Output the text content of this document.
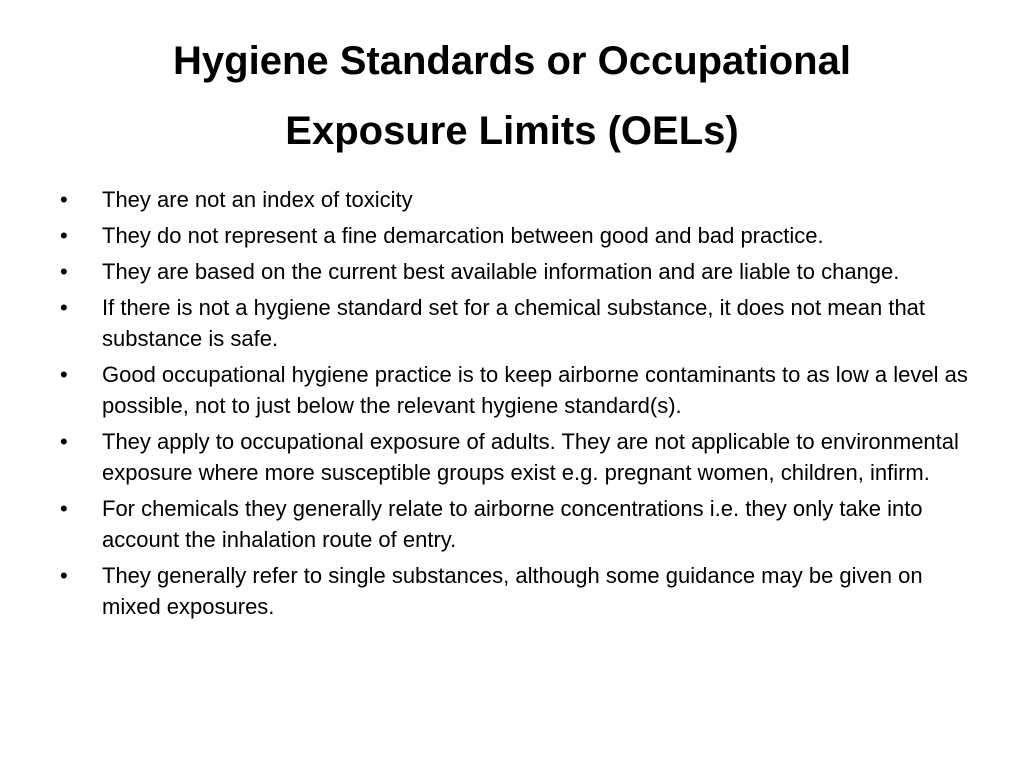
Hygiene Standards or Occupational
Exposure Limits (OELs)
•	They are not an index of toxicity
•	They do not represent a fine demarcation between good and bad practice.
•	They are based on the current best available information and are liable to change.
•	If there is not a hygiene standard set for a chemical substance, it does not mean that substance is safe.
•	Good occupational hygiene practice is to keep airborne contaminants to as low a level as possible, not to just below the relevant hygiene standard(s).
•	They apply to occupational exposure of adults. They are not applicable to environmental exposure where more susceptible groups exist e.g. pregnant women, children, infirm.
•	For chemicals they generally relate to airborne concentrations i.e. they only take into account the inhalation route of entry.
•	They generally refer to single substances, although some guidance may be given on mixed exposures.
